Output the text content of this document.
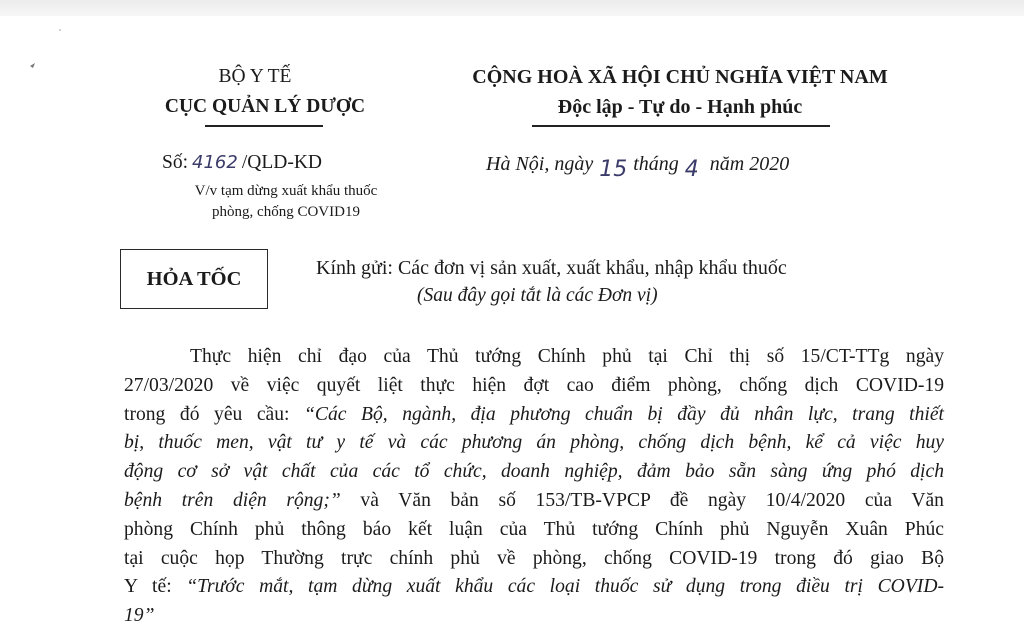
BỘ Y TẾ
CỤC QUẢN LÝ DƯỢC
CỘNG HOÀ XÃ HỘI CHỦ NGHĨA VIỆT NAM
Độc lập - Tự do - Hạnh phúc
Số: 4162 /QLD-KD
V/v tạm dừng xuất khẩu thuốc
phòng, chống COVID19
Hà Nội, ngày 15 tháng 4 năm 2020
HỎA TỐC	Kính gửi: Các đơn vị sản xuất, xuất khẩu, nhập khẩu thuốc
(Sau đây gọi tắt là các Đơn vị)
Thực hiện chỉ đạo của Thủ tướng Chính phủ tại Chỉ thị số 15/CT-TTg ngày
27/03/2020 về việc quyết liệt thực hiện đợt cao điểm phòng, chống dịch COVID-19
trong đó yêu cầu: “Các Bộ, ngành, địa phương chuẩn bị đầy đủ nhân lực, trang thiết
bị, thuốc men, vật tư y tế và các phương án phòng, chống dịch bệnh, kể cả việc huy
động cơ sở vật chất của các tổ chức, doanh nghiệp, đảm bảo sẵn sàng ứng phó dịch
bệnh trên diện rộng;” và Văn bản số 153/TB-VPCP đề ngày 10/4/2020 của Văn
phòng Chính phủ thông báo kết luận của Thủ tướng Chính phủ Nguyễn Xuân Phúc
tại cuộc họp Thường trực chính phủ về phòng, chống COVID-19 trong đó giao Bộ
Y tế: “Trước mắt, tạm dừng xuất khẩu các loại thuốc sử dụng trong điều trị COVID-
19”
